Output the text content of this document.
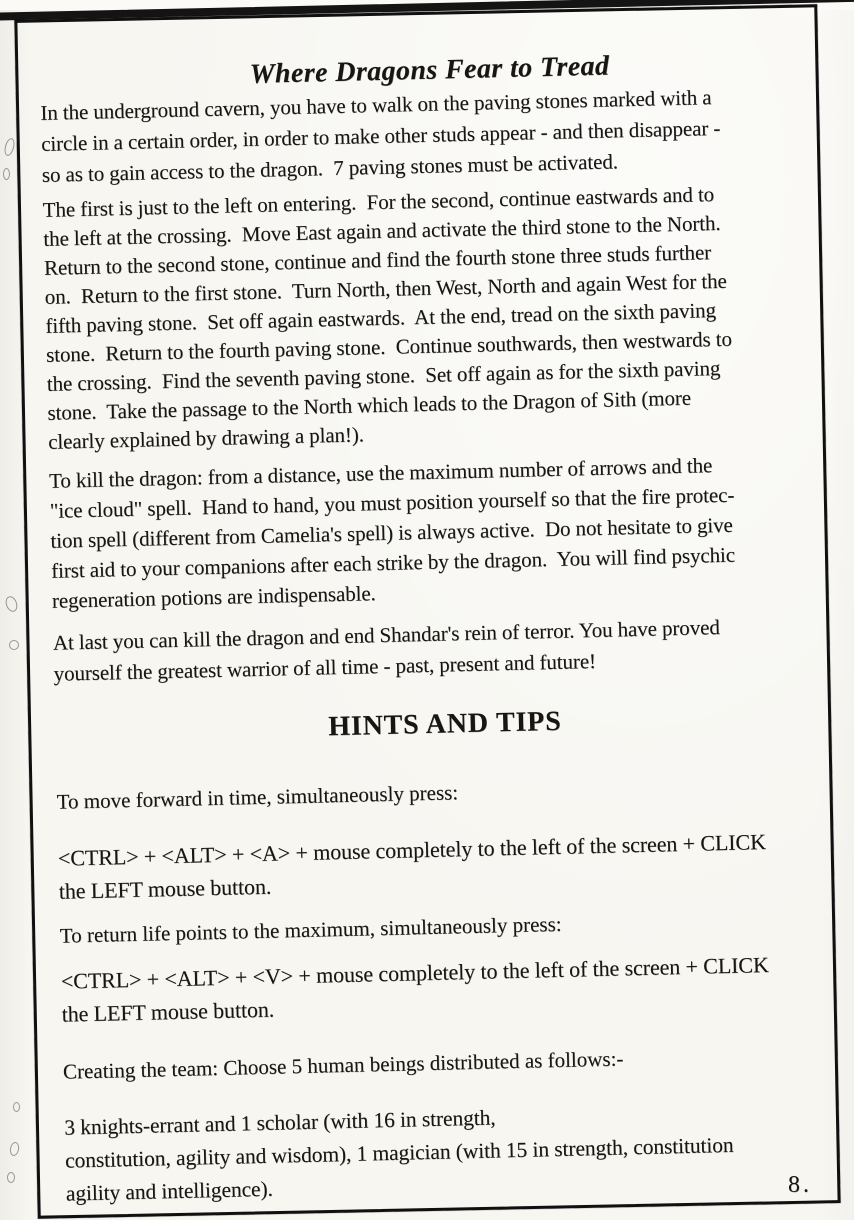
Where Dragons Fear to Tread
In the underground cavern, you have to walk on the paving stones marked with a
circle in a certain order, in order to make other studs appear - and then disappear -
so as to gain access to the dragon.  7 paving stones must be activated.
The first is just to the left on entering.  For the second, continue eastwards and to
the left at the crossing.  Move East again and activate the third stone to the North.
Return to the second stone, continue and find the fourth stone three studs further
on.  Return to the first stone.  Turn North, then West, North and again West for the
fifth paving stone.  Set off again eastwards.  At the end, tread on the sixth paving
stone.  Return to the fourth paving stone.  Continue southwards, then westwards to
the crossing.  Find the seventh paving stone.  Set off again as for the sixth paving
stone.  Take the passage to the North which leads to the Dragon of Sith (more
clearly explained by drawing a plan!).
To kill the dragon: from a distance, use the maximum number of arrows and the
"ice cloud" spell.  Hand to hand, you must position yourself so that the fire protec-
tion spell (different from Camelia's spell) is always active.  Do not hesitate to give
first aid to your companions after each strike by the dragon.  You will find psychic
regeneration potions are indispensable.
At last you can kill the dragon and end Shandar's rein of terror. You have proved
yourself the greatest warrior of all time - past, present and future!
HINTS AND TIPS
To move forward in time, simultaneously press:
<CTRL> + <ALT> + <A> + mouse completely to the left of the screen + CLICK
the LEFT mouse button.
To return life points to the maximum, simultaneously press:
<CTRL> + <ALT> + <V> + mouse completely to the left of the screen + CLICK
the LEFT mouse button.
Creating the team: Choose 5 human beings distributed as follows:-
3 knights-errant and 1 scholar (with 16 in strength,
constitution, agility and wisdom), 1 magician (with 15 in strength, constitution
agility and intelligence).	8.
